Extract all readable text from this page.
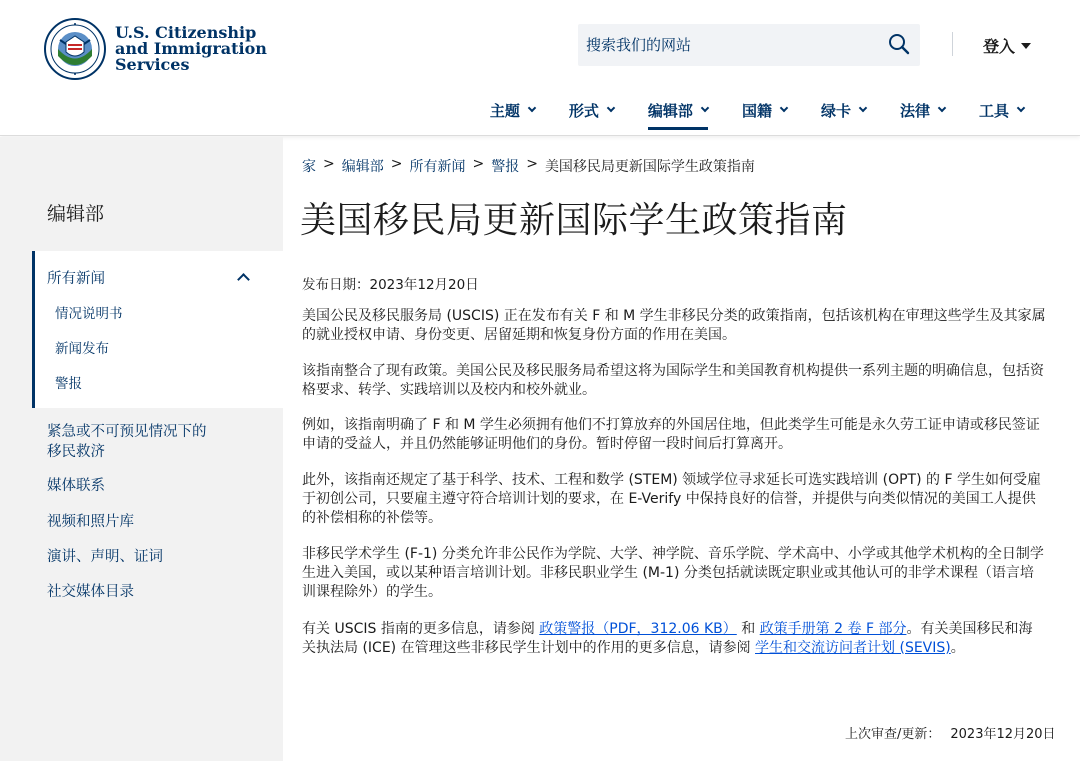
U.S. Citizenship
and Immigration
Services
搜索我们的网站
登入
主题	形式	编辑部	国籍	绿卡	法律	工具
编辑部
所有新闻
情况说明书
新闻发布
警报
紧急或不可预见情况下的
移民救济
媒体联系
视频和照片库
演讲、声明、证词
社交媒体目录
家 > 编辑部 > 所有新闻 > 警报 > 美国移民局更新国际学生政策指南
美国移民局更新国际学生政策指南
发布日期：2023年12月20日

美国公民及移民服务局 (USCIS) 正在发布有关 F 和 M 学生非移民分类的政策指南，包括该机构在审理这些学生及其家属的就业授权申请、身份变更、居留延期和恢复身份方面的作用在美国。

该指南整合了现有政策。美国公民及移民服务局希望这将为国际学生和美国教育机构提供一系列主题的明确信息，包括资格要求、转学、实践培训以及校内和校外就业。

例如，该指南明确了 F 和 M 学生必须拥有他们不打算放弃的外国居住地，但此类学生可能是永久劳工证申请或移民签证申请的受益人，并且仍然能够证明他们的身份。暂时停留一段时间后打算离开。

此外，该指南还规定了基于科学、技术、工程和数学 (STEM) 领域学位寻求延长可选实践培训 (OPT) 的 F 学生如何受雇于初创公司，只要雇主遵守符合培训计划的要求，在 E-Verify 中保持良好的信誉，并提供与向类似情况的美国工人提供的补偿相称的补偿等。

非移民学术学生 (F-1) 分类允许非公民作为学院、大学、神学院、音乐学院、学术高中、小学或其他学术机构的全日制学生进入美国，或以某种语言培训计划。非移民职业学生 (M-1) 分类包括就读既定职业或其他认可的非学术课程（语言培训课程除外）的学生。

有关 USCIS 指南的更多信息，请参阅 政策警报（PDF，312.06 KB） 和 政策手册第 2 卷 F 部分。有关美国移民和海关执法局 (ICE) 在管理这些非移民学生计划中的作用的更多信息，请参阅 学生和交流访问者计划 (SEVIS)。

上次审查/更新： 2023年12月20日
